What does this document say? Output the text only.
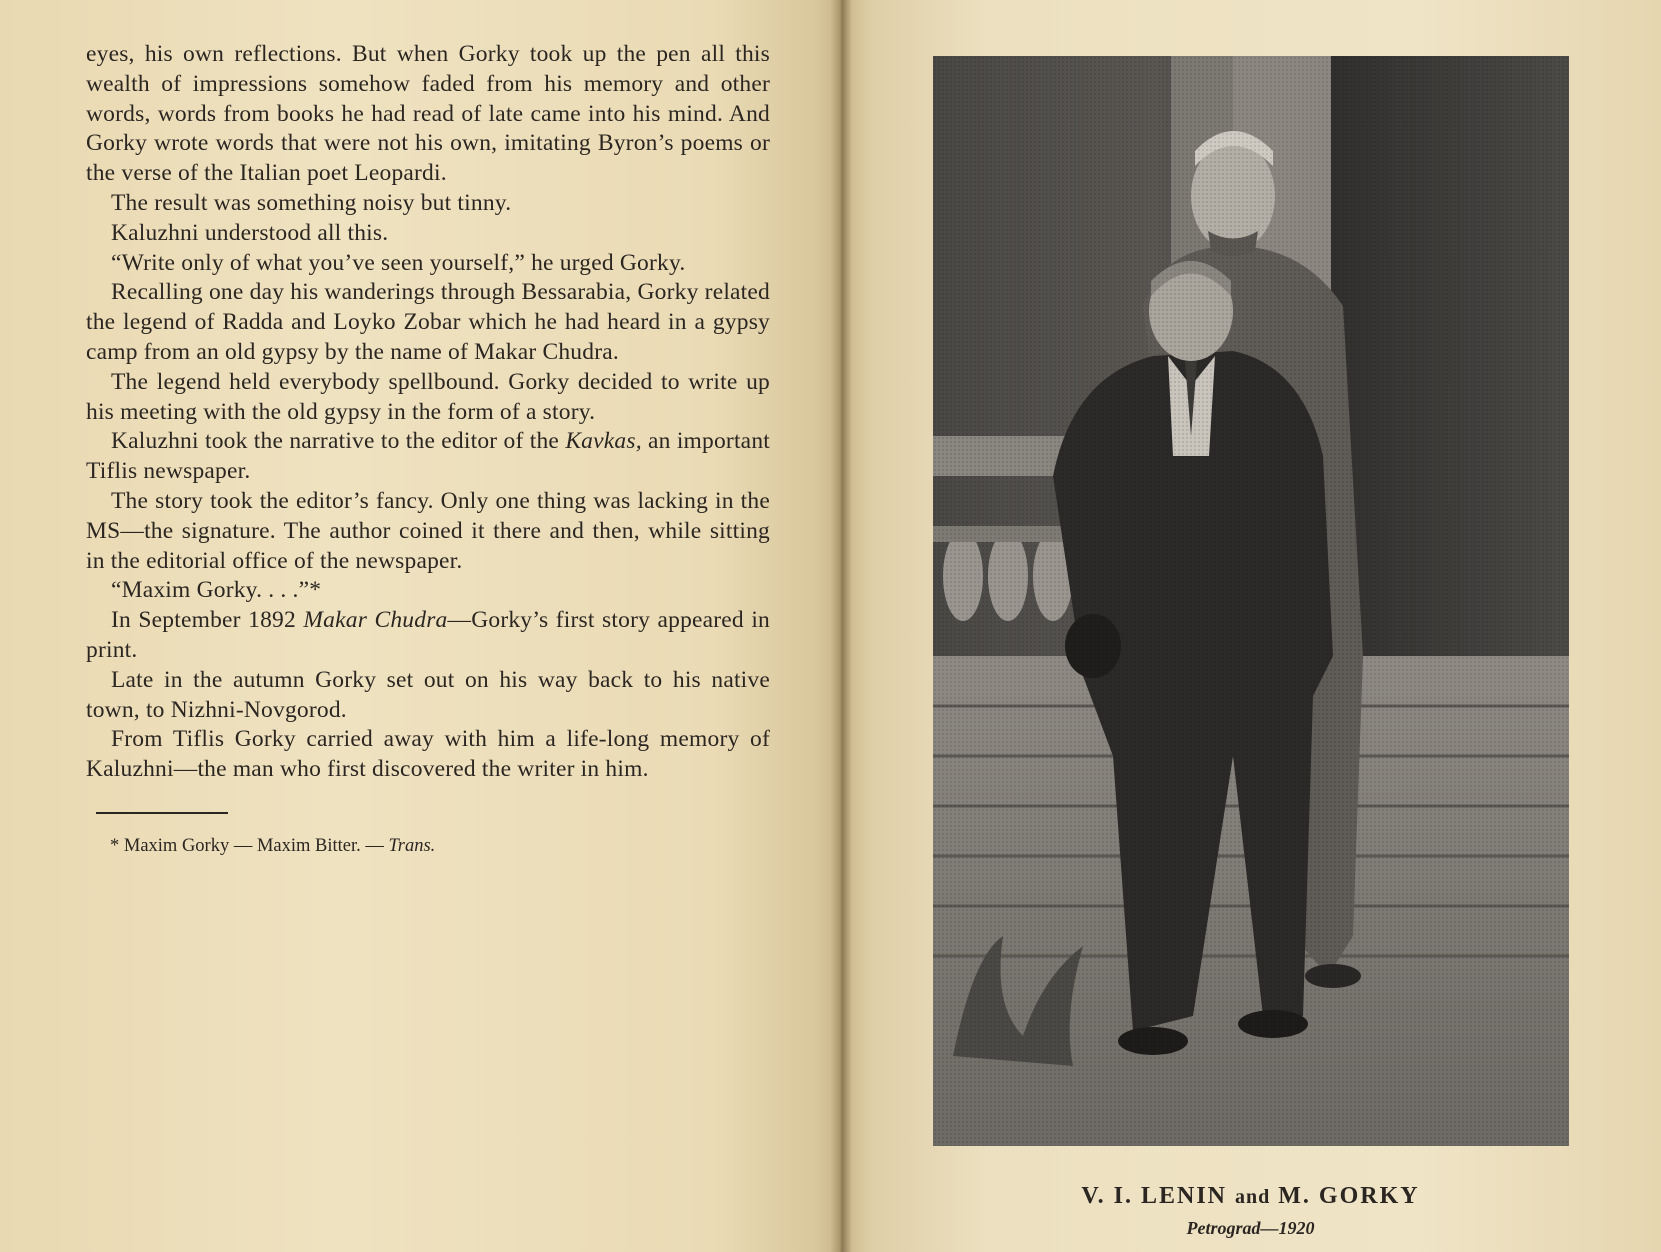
eyes, his own reflections. But when Gorky took up the pen all this wealth of impressions somehow faded from his memory and other words, words from books he had read of late came into his mind. And Gorky wrote words that were not his own, imitating Byron’s poems or the verse of the Italian poet Leopardi.

The result was something noisy but tinny.

Kaluzhni understood all this.

“Write only of what you’ve seen yourself,” he urged Gorky.

Recalling one day his wanderings through Bessarabia, Gorky related the legend of Radda and Loyko Zobar which he had heard in a gypsy camp from an old gypsy by the name of Makar Chudra.

The legend held everybody spellbound. Gorky decided to write up his meeting with the old gypsy in the form of a story.

Kaluzhni took the narrative to the editor of the Kavkas, an important Tiflis newspaper.

The story took the editor’s fancy. Only one thing was lacking in the MS—the signature. The author coined it there and then, while sitting in the editorial office of the newspaper.

“Maxim Gorky. . . .”*

In September 1892 Makar Chudra—Gorky’s first story appeared in print.

Late in the autumn Gorky set out on his way back to his native town, to Nizhni-Novgorod.

From Tiflis Gorky carried away with him a life-long memory of Kaluzhni—the man who first discovered the writer in him.

* Maxim Gorky — Maxim Bitter. — Trans.
V. I. LENIN and M. GORKY
Petrograd—1920
